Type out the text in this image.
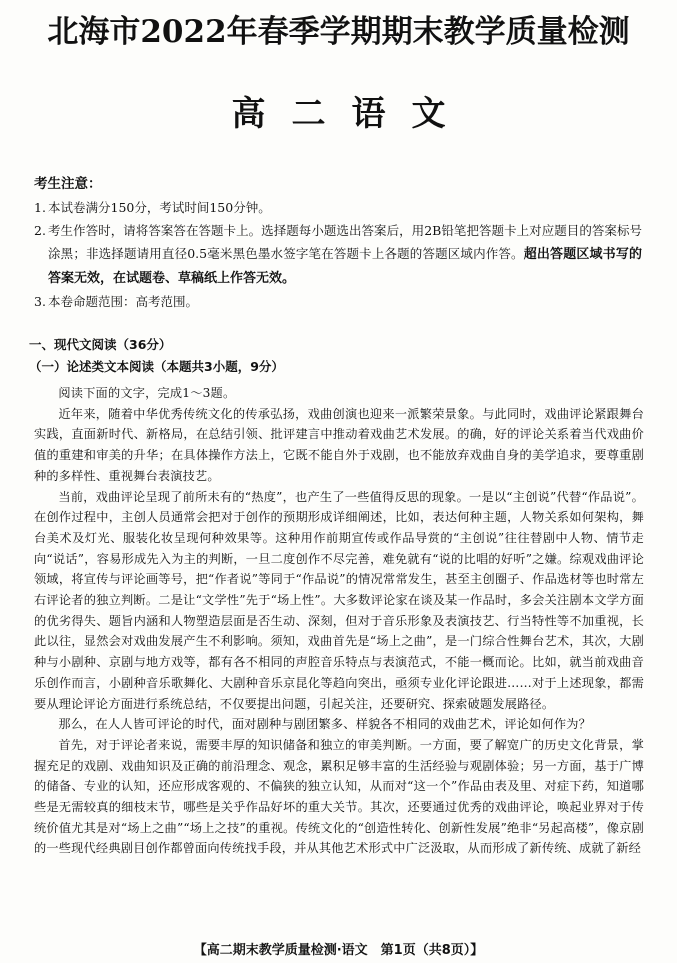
北海市2022年春季学期期末教学质量检测
高二语文
考生注意：
1. 本试卷满分150分，考试时间150分钟。
2. 考生作答时，请将答案答在答题卡上。选择题每小题选出答案后，用2B铅笔把答题卡上对应题目的答案标号涂黑；非选择题请用直径0.5毫米黑色墨水签字笔在答题卡上各题的答题区域内作答。超出答题区域书写的答案无效，在试题卷、草稿纸上作答无效。
3. 本卷命题范围：高考范围。
一、现代文阅读（36分）
（一）论述类文本阅读（本题共3小题，9分）

阅读下面的文字，完成1～3题。

近年来，随着中华优秀传统文化的传承弘扬，戏曲创演也迎来一派繁荣景象。与此同时，戏曲评论紧跟舞台实践，直面新时代、新格局，在总结引领、批评建言中推动着戏曲艺术发展。的确，好的评论关系着当代戏曲价值的重建和审美的升华；在具体操作方法上，它既不能自外于戏剧，也不能放弃戏曲自身的美学追求，要尊重剧种的多样性、重视舞台表演技艺。

当前，戏曲评论呈现了前所未有的“热度”，也产生了一些值得反思的现象。一是以“主创说”代替“作品说”。在创作过程中，主创人员通常会把对于创作的预期形成详细阐述，比如，表达何种主题，人物关系如何架构，舞台美术及灯光、服装化妆呈现何种效果等。这种用作前期宣传或作品导赏的“主创说”往往替剧中人物、情节走向“说话”，容易形成先入为主的判断，一旦二度创作不尽完善，难免就有“说的比唱的好听”之嫌。综观戏曲评论领域，将宣传与评论画等号，把“作者说”等同于“作品说”的情况常常发生，甚至主创圈子、作品选材等也时常左右评论者的独立判断。二是让“文学性”先于“场上性”。大多数评论家在谈及某一作品时，多会关注剧本文学方面的优劣得失、题旨内涵和人物塑造层面是否生动、深刻，但对于音乐形象及表演技艺、行当特性等不加重视，长此以往，显然会对戏曲发展产生不利影响。须知，戏曲首先是“场上之曲”，是一门综合性舞台艺术，其次，大剧种与小剧种、京剧与地方戏等，都有各不相同的声腔音乐特点与表演范式，不能一概而论。比如，就当前戏曲音乐创作而言，小剧种音乐歌舞化、大剧种音乐京昆化等趋向突出，亟须专业化评论跟进……对于上述现象，都需要从理论评论方面进行系统总结，不仅要提出问题，引起关注，还要研究、探索破题发展路径。

那么，在人人皆可评论的时代，面对剧种与剧团繁多、样貌各不相同的戏曲艺术，评论如何作为？

首先，对于评论者来说，需要丰厚的知识储备和独立的审美判断。一方面，要了解宽广的历史文化背景，掌握充足的戏剧、戏曲知识及正确的前沿理念、观念，累积足够丰富的生活经验与观剧体验；另一方面，基于广博的储备、专业的认知，还应形成客观的、不偏狭的独立认知，从而对“这一个”作品由表及里、对症下药，知道哪些是无需较真的细枝末节，哪些是关乎作品好坏的重大关节。其次，还要通过优秀的戏曲评论，唤起业界对于传统价值尤其是对“场上之曲”“场上之技”的重视。传统文化的“创造性转化、创新性发展”绝非“另起高楼”，像京剧的一些现代经典剧目创作都曾面向传统找手段，并从其他艺术形式中广泛汲取，从而形成了新传统、成就了新经

【高二期末教学质量检测·语文　第1页（共8页）】
